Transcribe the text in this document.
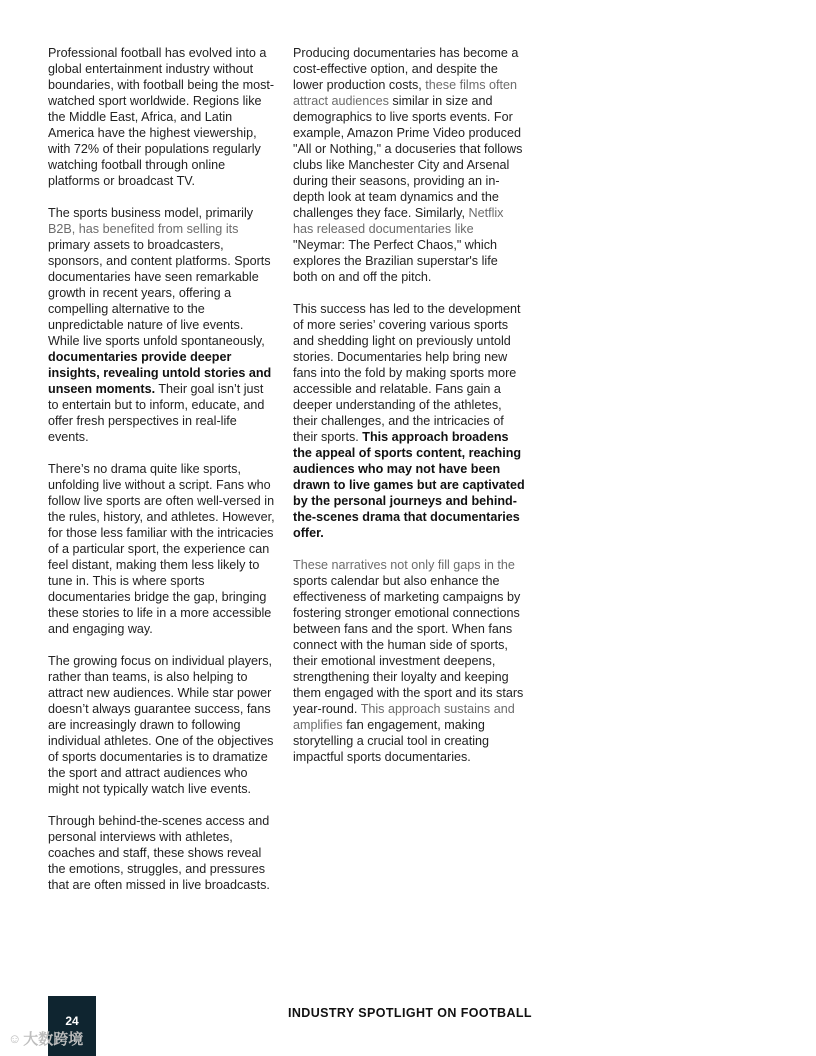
Professional football has evolved into a global entertainment industry without boundaries, with football being the most-watched sport worldwide. Regions like the Middle East, Africa, and Latin America have the highest viewership, with 72% of their populations regularly watching football through online platforms or broadcast TV.

The sports business model, primarily B2B, has benefited from selling its primary assets to broadcasters, sponsors, and content platforms. Sports documentaries have seen remarkable growth in recent years, offering a compelling alternative to the unpredictable nature of live events. While live sports unfold spontaneously, documentaries provide deeper insights, revealing untold stories and unseen moments. Their goal isn’t just to entertain but to inform, educate, and offer fresh perspectives in real-life events.

There’s no drama quite like sports, unfolding live without a script. Fans who follow live sports are often well-versed in the rules, history, and athletes. However, for those less familiar with the intricacies of a particular sport, the experience can feel distant, making them less likely to tune in. This is where sports documentaries bridge the gap, bringing these stories to life in a more accessible and engaging way.

The growing focus on individual players, rather than teams, is also helping to attract new audiences. While star power doesn’t always guarantee success, fans are increasingly drawn to following individual athletes. One of the objectives of sports documentaries is to dramatize the sport and attract audiences who might not typically watch live events.

Through behind-the-scenes access and personal interviews with athletes, coaches and staff, these shows reveal the emotions, struggles, and pressures that are often missed in live broadcasts.

Producing documentaries has become a cost-effective option, and despite the lower production costs, these films often attract audiences similar in size and demographics to live sports events. For example, Amazon Prime Video produced "All or Nothing," a docuseries that follows clubs like Manchester City and Arsenal during their seasons, providing an in-depth look at team dynamics and the challenges they face. Similarly, Netflix has released documentaries like "Neymar: The Perfect Chaos," which explores the Brazilian superstar's life both on and off the pitch.

This success has led to the development of more series’ covering various sports and shedding light on previously untold stories. Documentaries help bring new fans into the fold by making sports more accessible and relatable. Fans gain a deeper understanding of the athletes, their challenges, and the intricacies of their sports. This approach broadens the appeal of sports content, reaching audiences who may not have been drawn to live games but are captivated by the personal journeys and behind-the-scenes drama that documentaries offer.

These narratives not only fill gaps in the sports calendar but also enhance the effectiveness of marketing campaigns by fostering stronger emotional connections between fans and the sport. When fans connect with the human side of sports, their emotional investment deepens, strengthening their loyalty and keeping them engaged with the sport and its stars year-round. This approach sustains and amplifies fan engagement, making storytelling a crucial tool in creating impactful sports documentaries.

24
INDUSTRY SPOTLIGHT ON FOOTBALL
☺ 大数跨境
